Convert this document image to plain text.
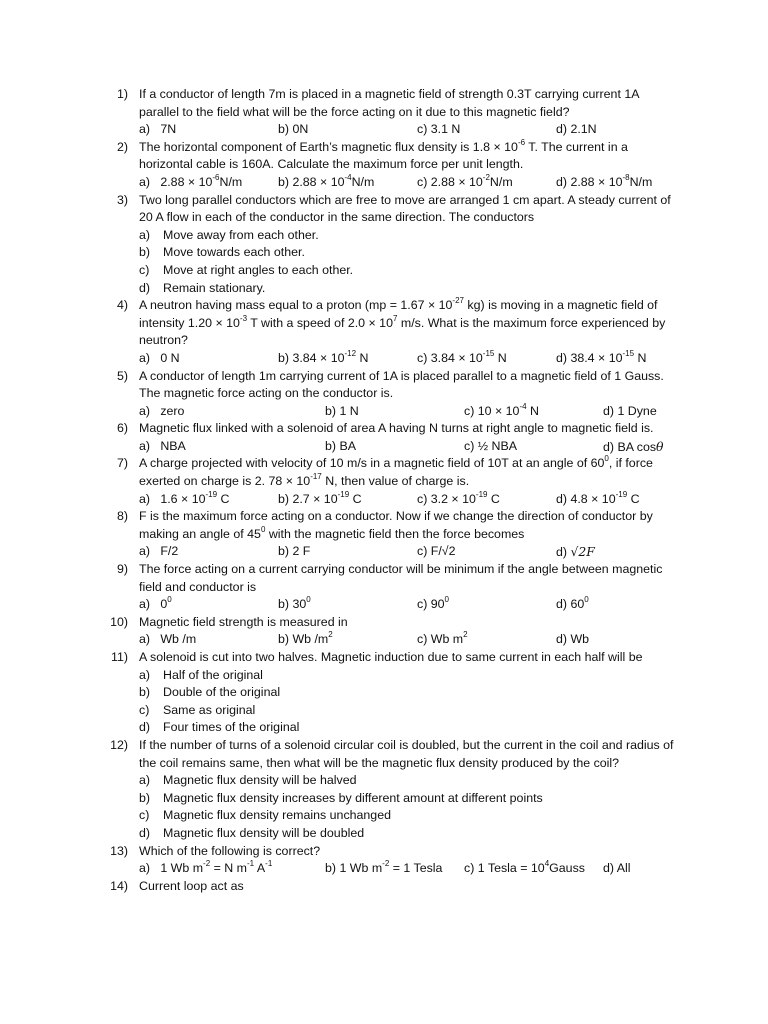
1) If a conductor of length 7m is placed in a magnetic field of strength 0.3T carrying current 1A parallel to the field what will be the force acting on it due to this magnetic field?
a)   7N	b) 0N	c) 3.1 N	d) 2.1N
2) The horizontal component of Earth’s magnetic flux density is $1.8 \times 10^{-6}$ T. The current in a horizontal cable is 160A. Calculate the maximum force per unit length.
a)   $2.88 \times 10^{-6}N/m$	b) $2.88 \times 10^{-4}N/m$	c) $2.88 \times 10^{-2}N/m$	d) $2.88 \times 10^{-8}N/m$
3) Two long parallel conductors which are free to move are arranged 1 cm apart. A steady current of 20 A flow in each of the conductor in the same direction. The conductors
a) Move away from each other.
b) Move towards each other.
c) Move at right angles to each other.
d) Remain stationary.
4) A neutron having mass equal to a proton ($mp = 1.67 \times 10^{-27}$ kg) is moving in a magnetic field of intensity $1.20 \times 10^{-3}$ T with a speed of $2.0 \times 10^7$ m/s. What is the maximum force experienced by neutron?
a)   0 N	b) $3.84 \times 10^{-12}$ N	c) $3.84 \times 10^{-15}$ N	d) $38.4 \times 10^{-15}$ N
5) A conductor of length 1m carrying current of 1A is placed parallel to a magnetic field of 1 Gauss. The magnetic force acting on the conductor is.
a)   zero	b) 1 N	c) $10 \times 10^{-4}$ N	d) 1 Dyne
6) Magnetic flux linked with a solenoid of area A having N turns at right angle to magnetic field is.
a)   NBA	b) BA	c) ½ NBA	d) BA cosθ
7) A charge projected with velocity of 10 m/s in a magnetic field of 10T at an angle of $60^0$, if force exerted on charge is 2. $78 \times 10^{-17}$ N, then value of charge is.
a)   $1.6 \times 10^{-19}$ C	b) $2.7 \times 10^{-19}$ C	c) $3.2 \times 10^{-19}$ C	d) $4.8 \times 10^{-19}$ C
8) F is the maximum force acting on a conductor. Now if we change the direction of conductor by making an angle of $45^0$ with the magnetic field then the force becomes
a)   F/2	b) 2 F	c) F/√2	d) √2F
9) The force acting on a current carrying conductor will be minimum if the angle between magnetic field and conductor is
a)   $0^0$	b) $30^0$	c) $90^0$	d) $60^0$
10) Magnetic field strength is measured in
a)   Wb /m	b) Wb $/m^2$	c) Wb $m^2$	d) Wb
11) A solenoid is cut into two halves. Magnetic induction due to same current in each half will be
a) Half of the original
b) Double of the original
c) Same as original
d) Four times of the original
12) If the number of turns of a solenoid circular coil is doubled, but the current in the coil and radius of the coil remains same, then what will be the magnetic flux density produced by the coil?
a) Magnetic flux density will be halved
b) Magnetic flux density increases by different amount at different points
c) Magnetic flux density remains unchanged
d) Magnetic flux density will be doubled
13) Which of the following is correct?
a)   1 Wb $m^{-2} = N$ $m^{-1}$ $A^{-1}$	b) 1 Wb $m^{-2} = 1$ Tesla c) 1 Tesla = $10^4Gauss$ d) All
14) Current loop act as
